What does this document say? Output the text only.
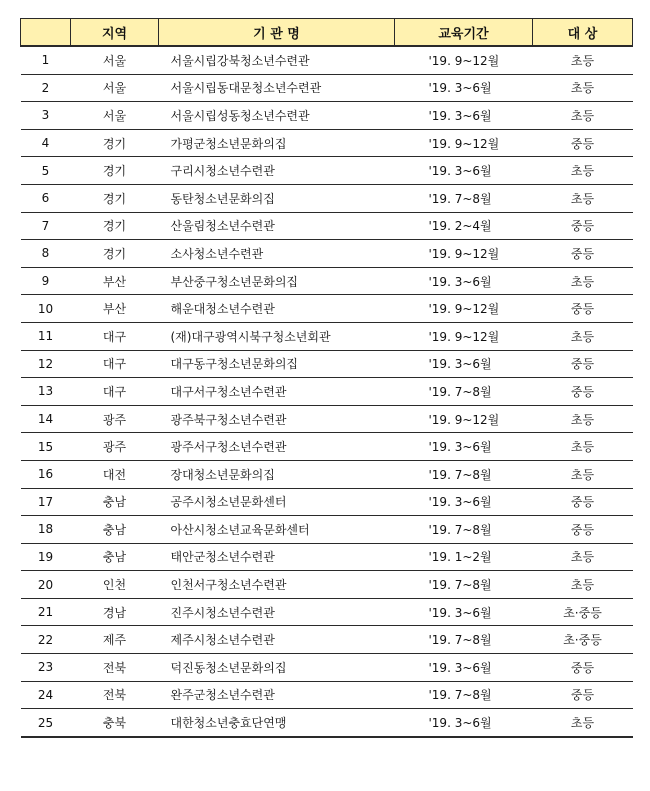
	지역	기 관 명	교육기간	대 상
1	서울	서울시립강북청소년수련관	'19. 9~12월	초등
2	서울	서울시립동대문청소년수련관	'19. 3~6월	초등
3	서울	서울시립성동청소년수련관	'19. 3~6월	초등
4	경기	가평군청소년문화의집	'19. 9~12월	중등
5	경기	구리시청소년수련관	'19. 3~6월	초등
6	경기	동탄청소년문화의집	'19. 7~8월	초등
7	경기	산울림청소년수련관	'19. 2~4월	중등
8	경기	소사청소년수련관	'19. 9~12월	중등
9	부산	부산중구청소년문화의집	'19. 3~6월	초등
10	부산	해운대청소년수련관	'19. 9~12월	중등
11	대구	(재)대구광역시북구청소년회관	'19. 9~12월	초등
12	대구	대구동구청소년문화의집	'19. 3~6월	중등
13	대구	대구서구청소년수련관	'19. 7~8월	중등
14	광주	광주북구청소년수련관	'19. 9~12월	초등
15	광주	광주서구청소년수련관	'19. 3~6월	초등
16	대전	장대청소년문화의집	'19. 7~8월	초등
17	충남	공주시청소년문화센터	'19. 3~6월	중등
18	충남	아산시청소년교육문화센터	'19. 7~8월	중등
19	충남	태안군청소년수련관	'19. 1~2월	초등
20	인천	인천서구청소년수련관	'19. 7~8월	초등
21	경남	진주시청소년수련관	'19. 3~6월	초·중등
22	제주	제주시청소년수련관	'19. 7~8월	초·중등
23	전북	덕진동청소년문화의집	'19. 3~6월	중등
24	전북	완주군청소년수련관	'19. 7~8월	중등
25	충북	대한청소년충효단연맹	'19. 3~6월	초등
